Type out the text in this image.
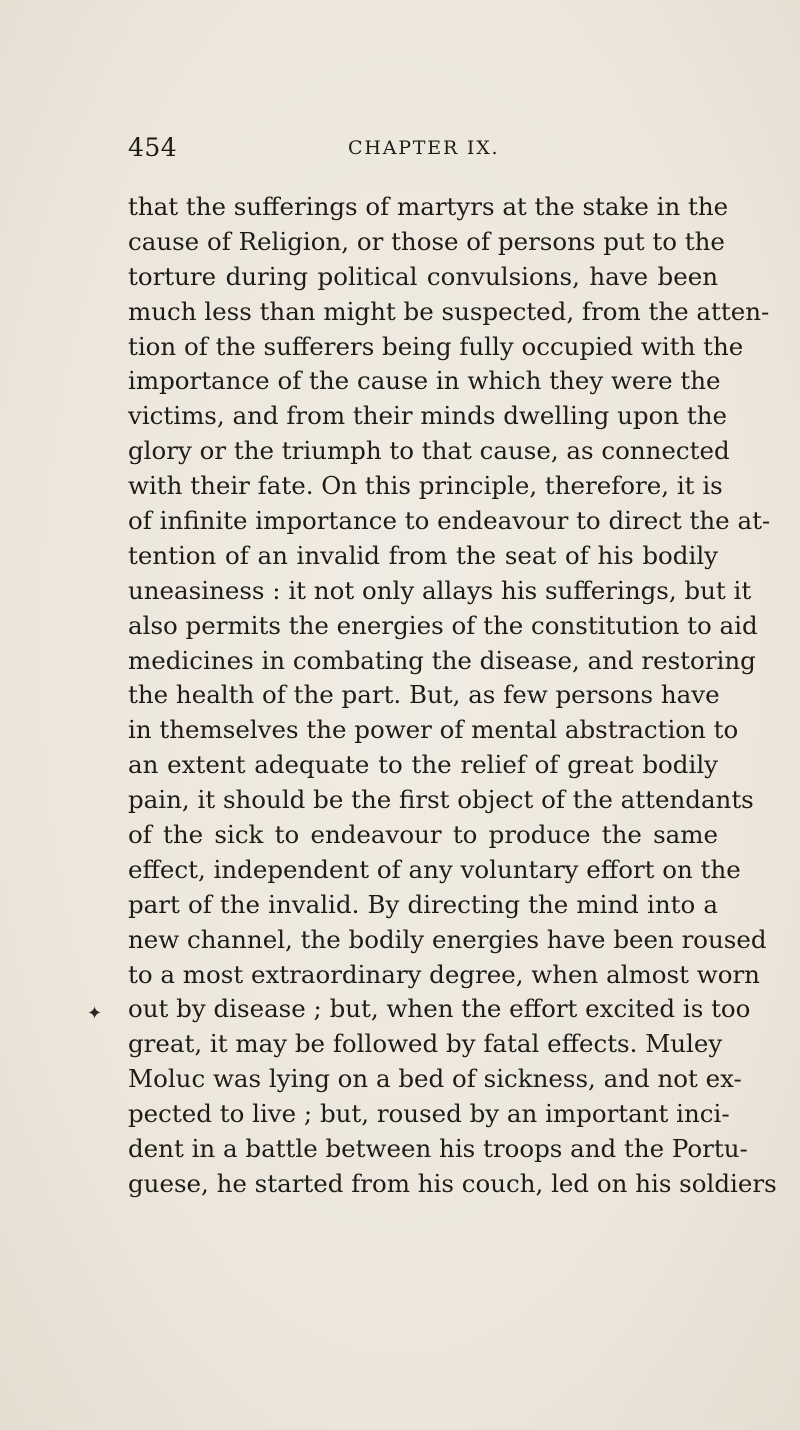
454	CHAPTER IX.
that the sufferings of martyrs at the stake in the
cause of Religion, or those of persons put to the
torture during political convulsions, have been
much less than might be suspected, from the atten-
tion of the sufferers being fully occupied with the
importance of the cause in which they were the
victims, and from their minds dwelling upon the
glory or the triumph to that cause, as connected
with their fate. On this principle, therefore, it is
of infinite importance to endeavour to direct the at-
tention of an invalid from the seat of his bodily
uneasiness : it not only allays his sufferings, but it
also permits the energies of the constitution to aid
medicines in combating the disease, and restoring
the health of the part. But, as few persons have
in themselves the power of mental abstraction to
an extent adequate to the relief of great bodily
pain, it should be the first object of the attendants
of the sick to endeavour to produce the same
effect, independent of any voluntary effort on the
part of the invalid. By directing the mind into a
new channel, the bodily energies have been roused
to a most extraordinary degree, when almost worn
out by disease ; but, when the effort excited is too
great, it may be followed by fatal effects. Muley
Moluc was lying on a bed of sickness, and not ex-
pected to live ; but, roused by an important inci-
dent in a battle between his troops and the Portu-
guese, he started from his couch, led on his soldiers
✦
